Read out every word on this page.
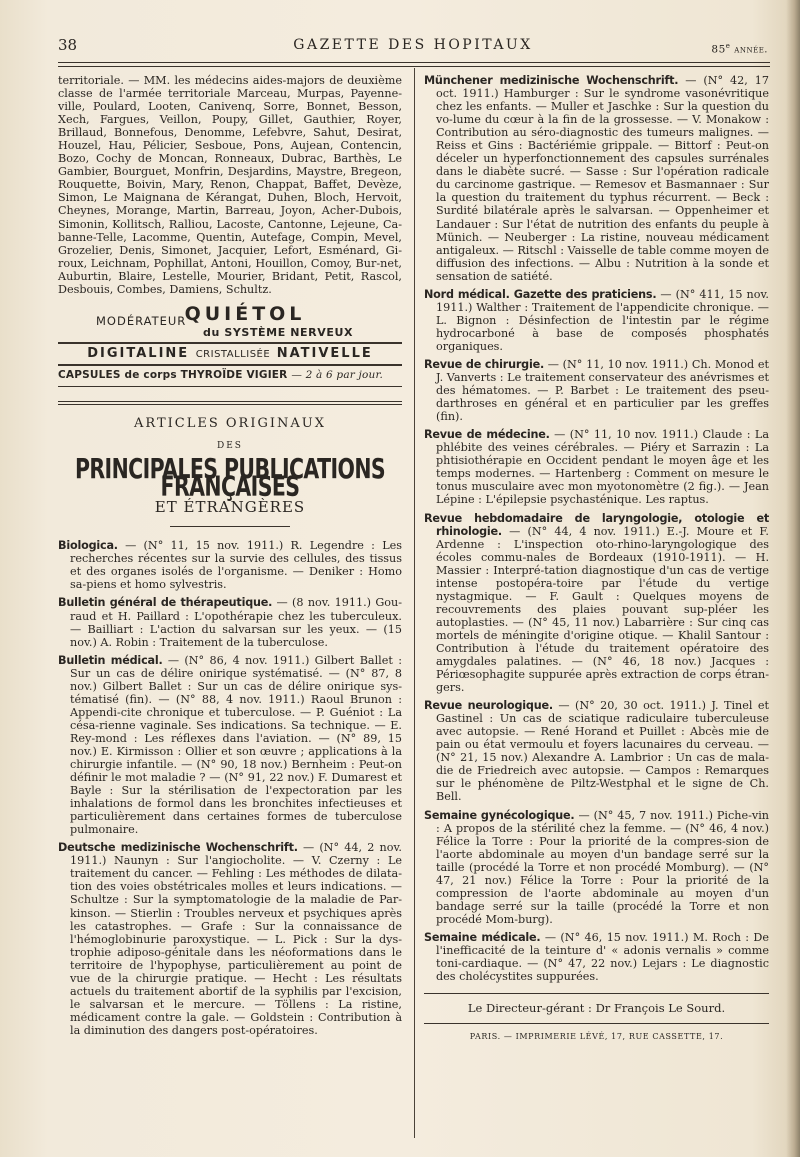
38	GAZETTE DES HOPITAUX	85e année.

territoriale. — MM. les médecins aides-majors de deuxième classe de l'armée territoriale Marceau, Murpas, Payenne-ville, Poulard, Looten, Canivenq, Sorre, Bonnet, Besson, Xech, Fargues, Veillon, Poupy, Gillet, Gauthier, Royer, Brillaud, Bonnefous, Denomme, Lefebvre, Sahut, Desirat, Houzel, Hau, Pélicier, Sesboue, Pons, Aujean, Contencin, Bozo, Cochy de Moncan, Ronneaux, Dubrac, Barthès, Le Gambier, Bourguet, Monfrin, Desjardins, Maystre, Bregeon, Rouquette, Boivin, Mary, Renon, Chappat, Baffet, Devèze, Simon, Le Maignana de Kérangat, Duhen, Bloch, Hervoit, Cheynes, Morange, Martin, Barreau, Joyon, Acher-Dubois, Simonin, Kollitsch, Ralliou, Lacoste, Cantonne, Lejeune, Ca-banne-Telle, Lacomme, Quentin, Autefage, Compin, Mevel, Grozelier, Denis, Simonet, Jacquier, Lefort, Esménard, Gi-roux, Leichnam, Pophillat, Antoni, Houillon, Comoy, Bur-net, Auburtin, Blaire, Lestelle, Mourier, Bridant, Petit, Rascol, Desbouis, Combes, Damiens, Schultz.

QUIÉTOL
MODÉRATEUR
du SYSTÈME NERVEUX
DIGITALINE CRISTALLISÉE NATIVELLE
CAPSULES de corps THYROÏDE VIGIER — 2 à 6 par jour.
ARTICLES ORIGINAUX
DES
PRINCIPALES PUBLICATIONS FRANÇAISES
ET ÉTRANGÈRES

Biologica. — (N° 11, 15 nov. 1911.) R. Legendre : Les recherches récentes sur la survie des cellules, des tissus et des organes isolés de l'organisme. — Deniker : Homo sa-piens et homo sylvestris.

Bulletin général de thérapeutique. — (8 nov. 1911.) Gou-raud et H. Paillard : L'opothérapie chez les tuberculeux. — Bailliart : L'action du salvarsan sur les yeux. — (15 nov.) A. Robin : Traitement de la tuberculose.

Bulletin médical. — (N° 86, 4 nov. 1911.) Gilbert Ballet : Sur un cas de délire onirique systématisé. — (N° 87, 8 nov.) Gilbert Ballet : Sur un cas de délire onirique sys-tématisé (fin). — (N° 88, 4 nov. 1911.) Raoul Brunon : Appendi-cite chronique et tuberculose. — P. Guéniot : La césa-rienne vaginale. Ses indications. Sa technique. — E. Rey-mond : Les réflexes dans l'aviation. — (N° 89, 15 nov.) E. Kirmisson : Ollier et son œuvre ; applications à la chirurgie infantile. — (N° 90, 18 nov.) Bernheim : Peut-on définir le mot maladie ? — (N° 91, 22 nov.) F. Dumarest et Bayle : Sur la stérilisation de l'expectoration par les inhalations de formol dans les bronchites infectieuses et particulièrement dans certaines formes de tuberculose pulmonaire.

Deutsche medizinische Wochenschrift. — (N° 44, 2 nov. 1911.) Naunyn : Sur l'angiocholite. — V. Czerny : Le traitement du cancer. — Fehling : Les méthodes de dilata-tion des voies obstétricales molles et leurs indications. — Schultze : Sur la symptomatologie de la maladie de Par-kinson. — Stierlin : Troubles nerveux et psychiques après les catastrophes. — Grafe : Sur la connaissance de l'hémoglobinurie paroxystique. — L. Pick : Sur la dys-trophie adiposo-génitale dans les néoformations dans le territoire de l'hypophyse, particulièrement au point de vue de la chirurgie pratique. — Hecht : Les résultats actuels du traitement abortif de la syphilis par l'excision, le salvarsan et le mercure. — Töllens : La ristine, médicament contre la gale. — Goldstein : Contribution à la diminution des dangers post-opératoires.

Münchener medizinische Wochenschrift. — (N° 42, 17 oct. 1911.) Hamburger : Sur le syndrome vasonévritique chez les enfants. — Muller et Jaschke : Sur la question du vo-lume du cœur à la fin de la grossesse. — V. Monakow : Contribution au séro-diagnostic des tumeurs malignes. — Reiss et Gins : Bactériémie grippale. — Bittorf : Peut-on déceler un hyperfonctionnement des capsules surrénales dans le diabète sucré. — Sasse : Sur l'opération radicale du carcinome gastrique. — Remesov et Basmannaer : Sur la question du traitement du typhus récurrent. — Beck : Surdité bilatérale après le salvarsan. — Oppenheimer et Landauer : Sur l'état de nutrition des enfants du peuple à Münich. — Neuberger : La ristine, nouveau médicament antigaleux. — Ritschl : Vaisselle de table comme moyen de diffusion des infections. — Albu : Nutrition à la sonde et sensation de satiété.

Nord médical. Gazette des praticiens. — (N° 411, 15 nov. 1911.) Walther : Traitement de l'appendicite chronique. — L. Bignon : Désinfection de l'intestin par le régime hydrocarboné à base de composés phosphatés organiques.

Revue de chirurgie. — (N° 11, 10 nov. 1911.) Ch. Monod et J. Vanverts : Le traitement conservateur des anévrismes et des hématomes. — P. Barbet : Le traitement des pseu-darthroses en général et en particulier par les greffes (fin).

Revue de médecine. — (N° 11, 10 nov. 1911.) Claude : La phlébite des veines cérébrales. — Piéry et Sarrazin : La phtisiothérapie en Occident pendant le moyen âge et les temps modernes. — Hartenberg : Comment on mesure le tonus musculaire avec mon myotonomètre (2 fig.). — Jean Lépine : L'épilepsie psychasténique. Les raptus.

Revue hebdomadaire de laryngologie, otologie et rhinologie. — (N° 44, 4 nov. 1911.) E.-J. Moure et F. Ardenne : L'inspection oto-rhino-laryngologique des écoles commu-nales de Bordeaux (1910-1911). — H. Massier : Interpré-tation diagnostique d'un cas de vertige intense postopéra-toire par l'étude du vertige nystagmique. — F. Gault : Quelques moyens de recouvrements des plaies pouvant sup-pléer les autoplasties. — (N° 45, 11 nov.) Labarrière : Sur cinq cas mortels de méningite d'origine otique. — Khalil Santour : Contribution à l'étude du traitement opératoire des amygdales palatines. — (N° 46, 18 nov.) Jacques : Périœsophagite suppurée après extraction de corps étran-gers.

Revue neurologique. — (N° 20, 30 oct. 1911.) J. Tinel et Gastinel : Un cas de sciatique radiculaire tuberculeuse avec autopsie. — René Horand et Puillet : Abcès mie de pain ou état vermoulu et foyers lacunaires du cerveau. — (N° 21, 15 nov.) Alexandre A. Lambrior : Un cas de mala-die de Friedreich avec autopsie. — Campos : Remarques sur le phénomène de Piltz-Westphal et le signe de Ch. Bell.

Semaine gynécologique. — (N° 45, 7 nov. 1911.) Piche-vin : A propos de la stérilité chez la femme. — (N° 46, 4 nov.) Félice la Torre : Pour la priorité de la compres-sion de l'aorte abdominale au moyen d'un bandage serré sur la taille (procédé la Torre et non procédé Momburg). — (N° 47, 21 nov.) Félice la Torre : Pour la priorité de la compression de l'aorte abdominale au moyen d'un bandage serré sur la taille (procédé la Torre et non procédé Mom-burg).

Semaine médicale. — (N° 46, 15 nov. 1911.) M. Roch : De l'inefficacité de la teinture d' « adonis vernalis » comme toni-cardiaque. — (N° 47, 22 nov.) Lejars : Le diagnostic des cholécystites suppurées.

Le Directeur-gérant : Dr François Le Sourd.
PARIS. — IMPRIMERIE LÉVÉ, 17, RUE CASSETTE, 17.
